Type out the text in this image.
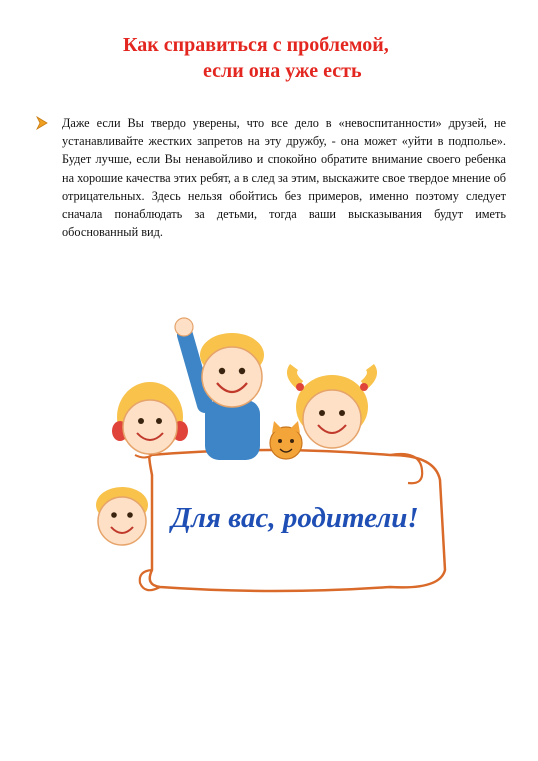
Как справиться с проблемой,
если она уже есть
Даже если Вы твердо уверены, что все дело в «невоспитанности» друзей, не устанавливайте жестких запретов на эту дружбу, - она может «уйти в подполье». Будет лучше, если Вы ненавойливо и спокойно обратите внимание своего ребенка на хорошие качества этих ребят, а в след за этим, выскажите свое твердое мнение об отрицательных. Здесь нельзя обойтись без примеров, именно поэтому следует сначала понаблюдать за детьми, тогда ваши высказывания будут иметь обоснованный вид.
Для вас, родители!
